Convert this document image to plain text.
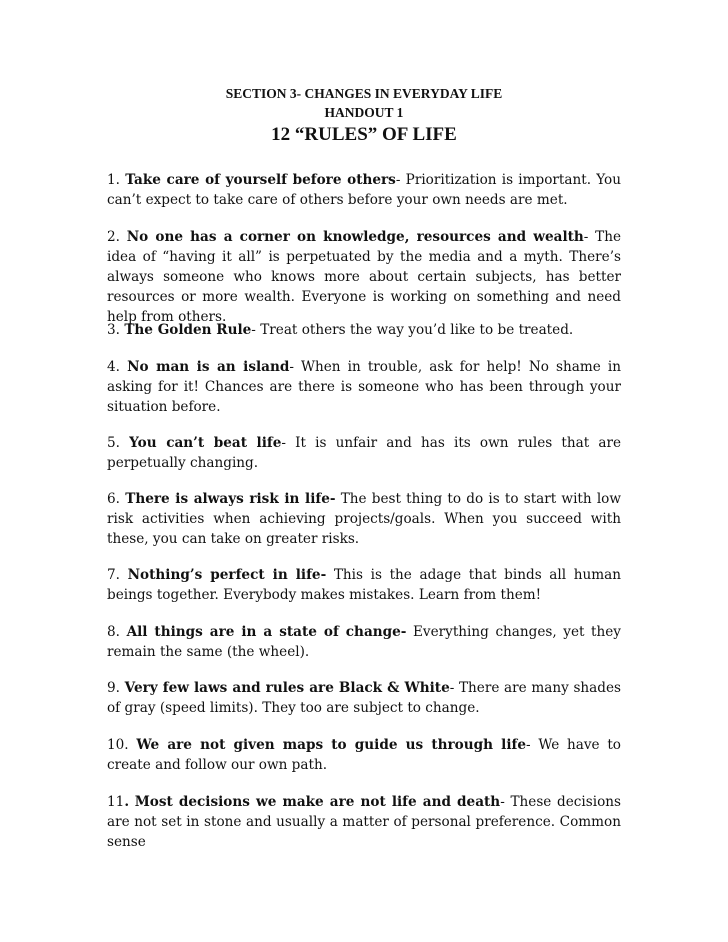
SECTION 3- CHANGES IN EVERYDAY LIFE
HANDOUT 1
12 “RULES” OF LIFE
1. Take care of yourself before others- Prioritization is important. You can’t expect to take care of others before your own needs are met.
2. No one has a corner on knowledge, resources and wealth- The idea of “having it all” is perpetuated by the media and a myth. There’s always someone who knows more about certain subjects, has better resources or more wealth. Everyone is working on something and need help from others.
3. The Golden Rule- Treat others the way you’d like to be treated.
4. No man is an island- When in trouble, ask for help! No shame in asking for it! Chances are there is someone who has been through your situation before.
5. You can’t beat life- It is unfair and has its own rules that are perpetually changing.
6. There is always risk in life- The best thing to do is to start with low risk activities when achieving projects/goals. When you succeed with these, you can take on greater risks.
7. Nothing’s perfect in life- This is the adage that binds all human beings together. Everybody makes mistakes. Learn from them!
8. All things are in a state of change- Everything changes, yet they remain the same (the wheel).
9. Very few laws and rules are Black & White- There are many shades of gray (speed limits). They too are subject to change.
10. We are not given maps to guide us through life- We have to create and follow our own path.
11. Most decisions we make are not life and death- These decisions are not set in stone and usually a matter of personal preference. Common sense
